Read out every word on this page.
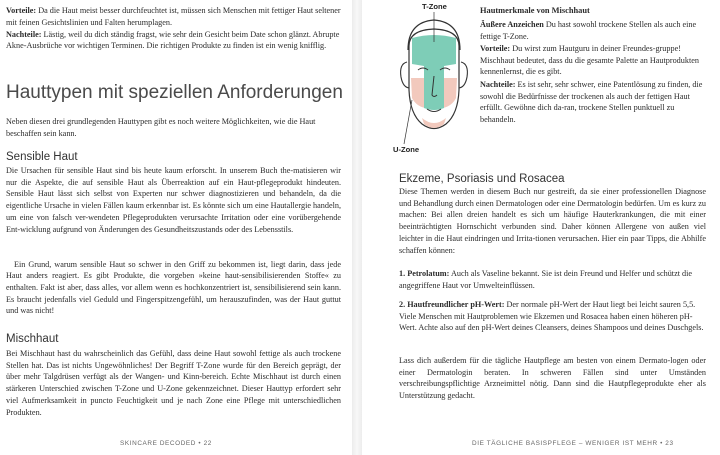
Vorteile: Da die Haut meist besser durchfeuchtet ist, müssen sich Menschen mit fettiger Haut seltener mit feinen Gesichtslinien und Falten herumplagen.

Nachteile: Lästig, weil du dich ständig fragst, wie sehr dein Gesicht beim Date schon glänzt. Abrupte Akne-Ausbrüche vor wichtigen Terminen. Die richtigen Produkte zu finden ist ein wenig knifflig.

Hauttypen mit speziellen Anforderungen

Neben diesen drei grundlegenden Hauttypen gibt es noch weitere Möglichkeiten, wie die Haut beschaffen sein kann.

Sensible Haut

Die Ursachen für sensible Haut sind bis heute kaum erforscht. In unserem Buch the-matisieren wir nur die Aspekte, die auf sensible Haut als Überreaktion auf ein Haut-pflegeprodukt hindeuten. Sensible Haut lässt sich selbst von Experten nur schwer diagnostizieren und behandeln, da die eigentliche Ursache in vielen Fällen kaum erkennbar ist. Es könnte sich um eine Hautallergie handeln, um eine von falsch ver-wendeten Pflegeprodukten verursachte Irritation oder eine vorübergehende Ent-wicklung aufgrund von Änderungen des Gesundheitszustands oder des Lebensstils.

Ein Grund, warum sensible Haut so schwer in den Griff zu bekommen ist, liegt darin, dass jede Haut anders reagiert. Es gibt Produkte, die vorgeben »keine haut-sensibilisierenden Stoffe« zu enthalten. Fakt ist aber, dass alles, vor allem wenn es hochkonzentriert ist, sensibilisierend sein kann. Es braucht jedenfalls viel Geduld und Fingerspitzengefühl, um herauszufinden, was der Haut guttut und was nicht!

Mischhaut

Bei Mischhaut hast du wahrscheinlich das Gefühl, dass deine Haut sowohl fettige als auch trockene Stellen hat. Das ist nichts Ungewöhnliches! Der Begriff T-Zone wurde für den Bereich geprägt, der über mehr Talgdrüsen verfügt als der Wangen- und Kinn-bereich. Echte Mischhaut ist durch einen stärkeren Unterschied zwischen T-Zone und U-Zone gekennzeichnet. Dieser Hauttyp erfordert sehr viel Aufmerksamkeit in puncto Feuchtigkeit und je nach Zone eine Pflege mit unterschiedlichen Produkten.

SKINCARE DECODED • 22
T-Zone
U-Zone
Hautmerkmale von Mischhaut

Äußere Anzeichen Du hast sowohl trockene Stellen als auch eine fettige T-Zone.

Vorteile: Du wirst zum Hautguru in deiner Freundes-gruppe! Mischhaut bedeutet, dass du die gesamte Palette an Hautprodukten kennenlernst, die es gibt.

Nachteile: Es ist sehr, sehr schwer, eine Patentlösung zu finden, die sowohl die Bedürfnisse der trockenen als auch der fettigen Haut erfüllt. Gewöhne dich da-ran, trockene Stellen punktuell zu behandeln.

Ekzeme, Psoriasis und Rosacea

Diese Themen werden in diesem Buch nur gestreift, da sie einer professionellen Diagnose und Behandlung durch einen Dermatologen oder eine Dermatologin bedürfen. Um es kurz zu machen: Bei allen dreien handelt es sich um häufige Hauterkrankungen, die mit einer beeinträchtigten Hornschicht verbunden sind. Daher können Allergene von außen viel leichter in die Haut eindringen und Irrita-tionen verursachen. Hier ein paar Tipps, die Abhilfe schaffen können:

1. Petrolatum: Auch als Vaseline bekannt. Sie ist dein Freund und Helfer und schützt die angegriffene Haut vor Umwelteinflüssen.

2. Hautfreundlicher pH-Wert: Der normale pH-Wert der Haut liegt bei leicht sauren 5,5. Viele Menschen mit Hautproblemen wie Ekzemen und Rosacea haben einen höheren pH-Wert. Achte also auf den pH-Wert deines Cleansers, deines Shampoos und deines Duschgels.

Lass dich außerdem für die tägliche Hautpflege am besten von einem Dermato-logen oder einer Dermatologin beraten. In schweren Fällen sind unter Umständen verschreibungspflichtige Arzneimittel nötig. Dann sind die Hautpflegeprodukte eher als Unterstützung gedacht.

DIE TÄGLICHE BASISPFLEGE – WENIGER IST MEHR • 23
